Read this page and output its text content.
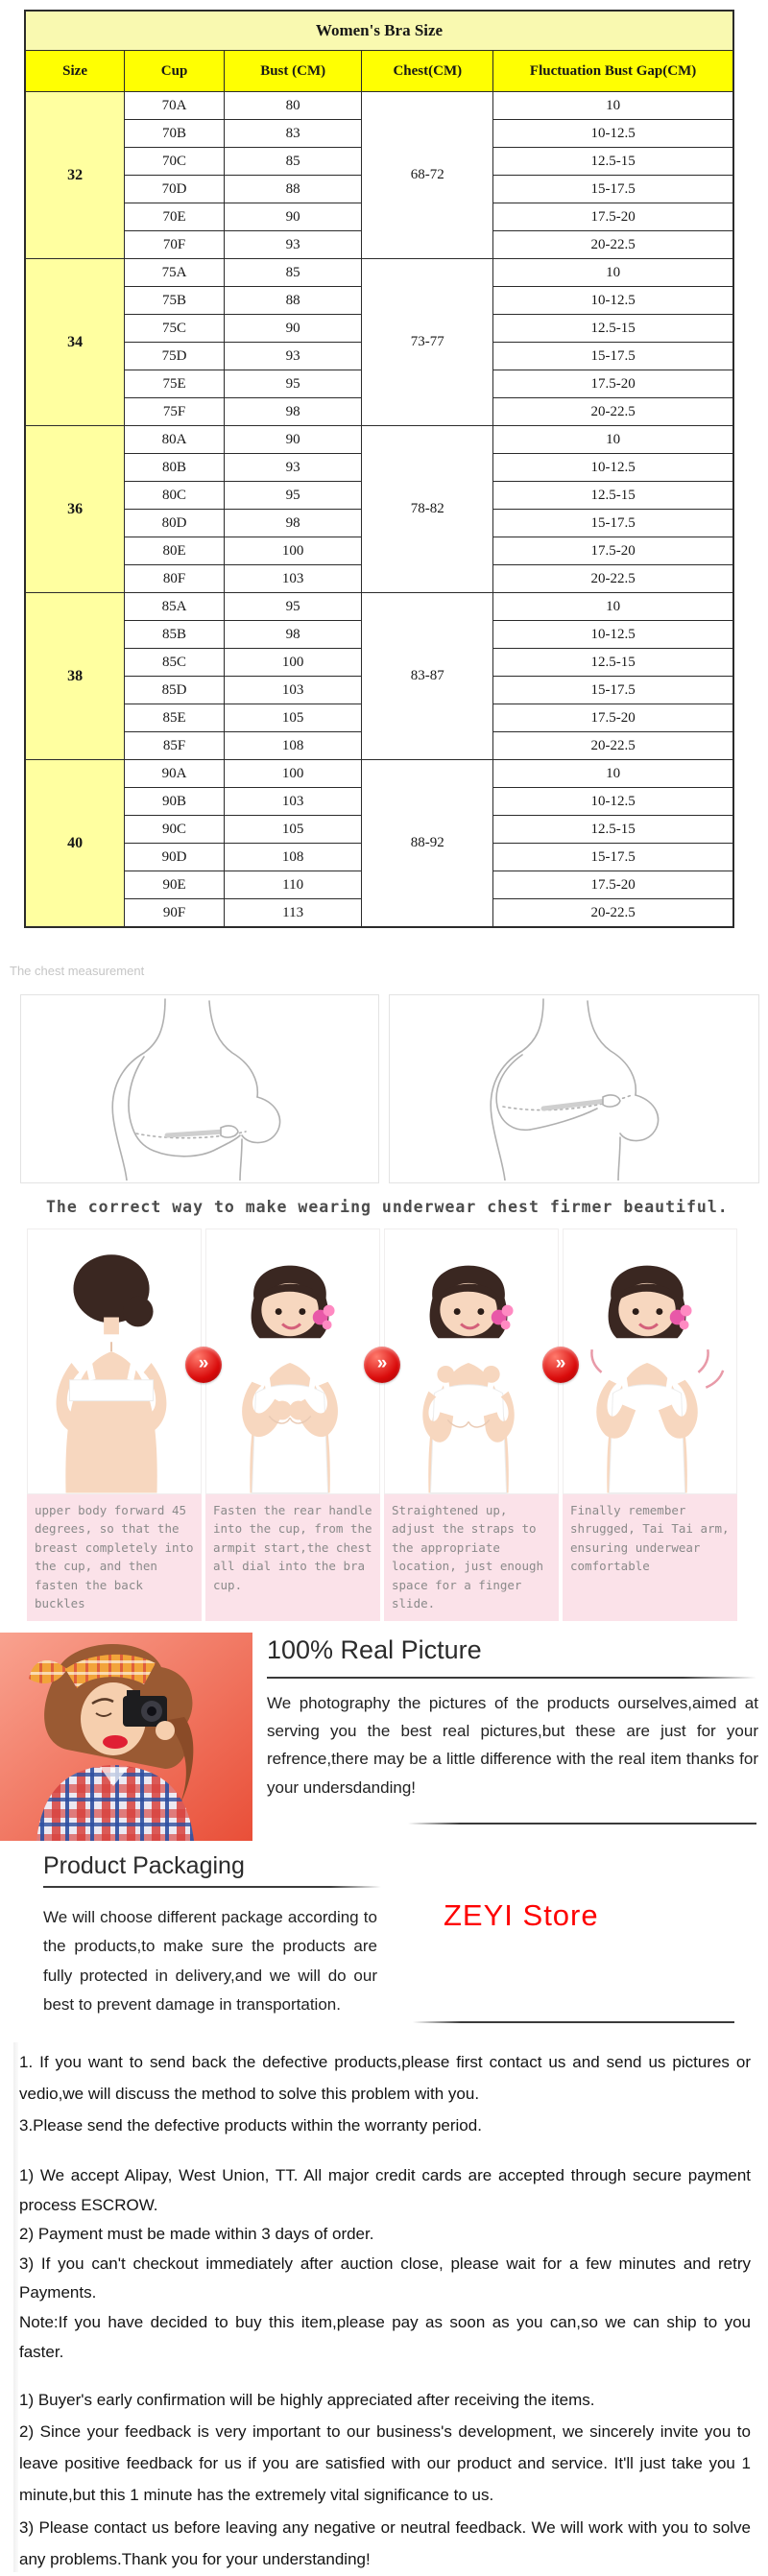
Women's Bra Size				
Size	Cup	Bust (CM)	Chest(CM)	Fluctuation Bust Gap(CM)
32	70A	80	68-72	10
	70B	83		10-12.5
	70C	85		12.5-15
	70D	88		15-17.5
	70E	90		17.5-20
	70F	93		20-22.5
34	75A	85	73-77	10
	75B	88		10-12.5
	75C	90		12.5-15
	75D	93		15-17.5
	75E	95		17.5-20
	75F	98		20-22.5
36	80A	90	78-82	10
	80B	93		10-12.5
	80C	95		12.5-15
	80D	98		15-17.5
	80E	100		17.5-20
	80F	103		20-22.5
38	85A	95	83-87	10
	85B	98		10-12.5
	85C	100		12.5-15
	85D	103		15-17.5
	85E	105		17.5-20
	85F	108		20-22.5
40	90A	100	88-92	10
	90B	103		10-12.5
	90C	105		12.5-15
	90D	108		15-17.5
	90E	110		17.5-20
	90F	113		20-22.5
The chest measurement
The correct way to make wearing underwear chest firmer beautiful.
»	»	»
upper body forward 45 degrees, so that the breast completely into the cup, and then fasten the back buckles
Fasten the rear handle into the cup, from the armpit start,the chest all dial into the bra cup.
Straightened up, adjust the straps to the appropriate location, just enough space for a finger slide.
Finally remember shrugged, Tai Tai arm, ensuring underwear comfortable
100% Real Picture

We photography the pictures of the products ourselves,aimed at serving you the best real pictures,but these are just for your refrence,there may be a little difference with the real item thanks for your undersdanding!

Product Packaging

We will choose different package according to the products,to make sure the products are fully protected in delivery,and we will do our best to prevent damage in transportation.

ZEYI Store

1. If you want to send back the defective products,please first contact us and send us pictures or vedio,we will discuss the method to solve this problem with you.

3.Please send the defective products within the worranty period.

1) We accept Alipay, West Union, TT. All major credit cards are accepted through secure payment process ESCROW.

2) Payment must be made within 3 days of order.

3) If you can't checkout immediately after auction close, please wait for a few minutes and retry Payments.

Note:If you have decided to buy this item,please pay as soon as you can,so we can ship to you faster.

1) Buyer's early confirmation will be highly appreciated after receiving the items.

2) Since your feedback is very important to our business's development, we sincerely invite you to leave positive feedback for us if you are satisfied with our product and service. It'll just take you 1 minute,but this 1 minute has the extremely vital significance to us.

3) Please contact us before leaving any negative or neutral feedback. We will work with you to solve any problems.Thank you for your understanding!
